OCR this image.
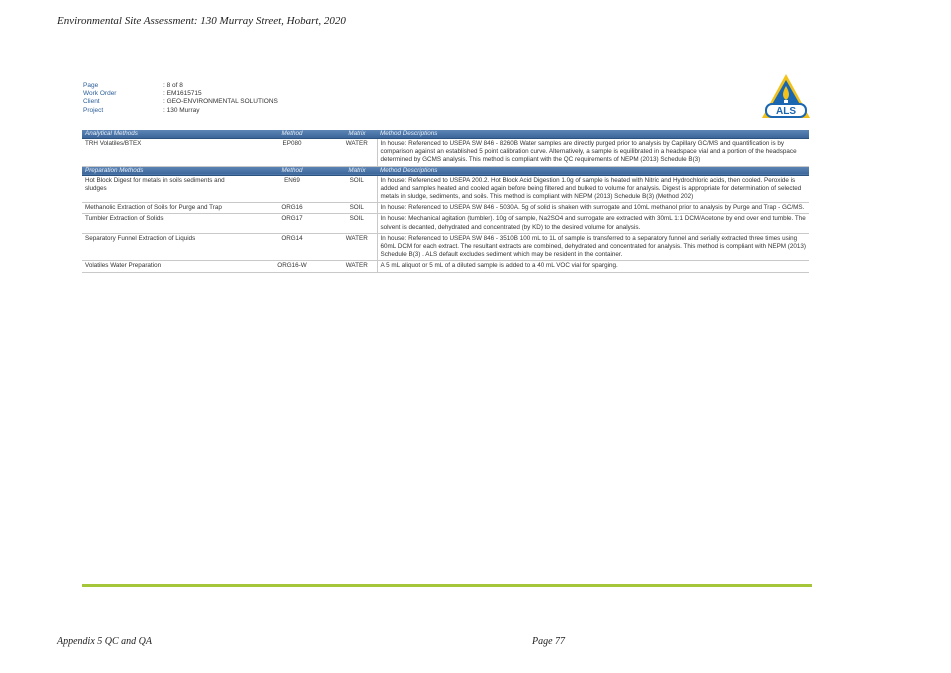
Environmental Site Assessment: 130 Murray Street, Hobart, 2020
Page	: 8 of 8
Work Order	: EM1615715
Client	: GEO-ENVIRONMENTAL SOLUTIONS
Project	: 130 Murray	ALS
Analytical Methods	Method	Matrix	Method Descriptions
TRH Volatiles/BTEX	EP080	WATER	In house: Referenced to USEPA SW 846 - 8260B Water samples are directly purged prior to analysis by Capillary GC/MS and quantification is by comparison against an established 5 point calibration curve. Alternatively, a sample is equilibrated in a headspace vial and a portion of the headspace determined by GCMS analysis. This method is compliant with the QC requirements of NEPM (2013) Schedule B(3)
Preparation Methods	Method	Matrix	Method Descriptions
Hot Block Digest for metals in soils sediments and sludges	EN69	SOIL	In house: Referenced to USEPA 200.2. Hot Block Acid Digestion 1.0g of sample is heated with Nitric and Hydrochloric acids, then cooled. Peroxide is added and samples heated and cooled again before being filtered and bulked to volume for analysis. Digest is appropriate for determination of selected metals in sludge, sediments, and soils. This method is compliant with NEPM (2013) Schedule B(3) (Method 202)
Methanolic Extraction of Soils for Purge and Trap	ORG16	SOIL	In house: Referenced to USEPA SW 846 - 5030A. 5g of solid is shaken with surrogate and 10mL methanol prior to analysis by Purge and Trap - GC/MS.
Tumbler Extraction of Solids	ORG17	SOIL	In house: Mechanical agitation (tumbler). 10g of sample, Na2SO4 and surrogate are extracted with 30mL 1:1 DCM/Acetone by end over end tumble. The solvent is decanted, dehydrated and concentrated (by KD) to the desired volume for analysis.
Separatory Funnel Extraction of Liquids	ORG14	WATER	In house: Referenced to USEPA SW 846 - 3510B 100 mL to 1L of sample is transferred to a separatory funnel and serially extracted three times using 60mL DCM for each extract. The resultant extracts are combined, dehydrated and concentrated for analysis. This method is compliant with NEPM (2013) Schedule B(3) . ALS default excludes sediment which may be resident in the container.
Volatiles Water Preparation	ORG16-W	WATER	A 5 mL aliquot or 5 mL of a diluted sample is added to a 40 mL VOC vial for sparging.
Appendix 5 QC and QA	Page 77
